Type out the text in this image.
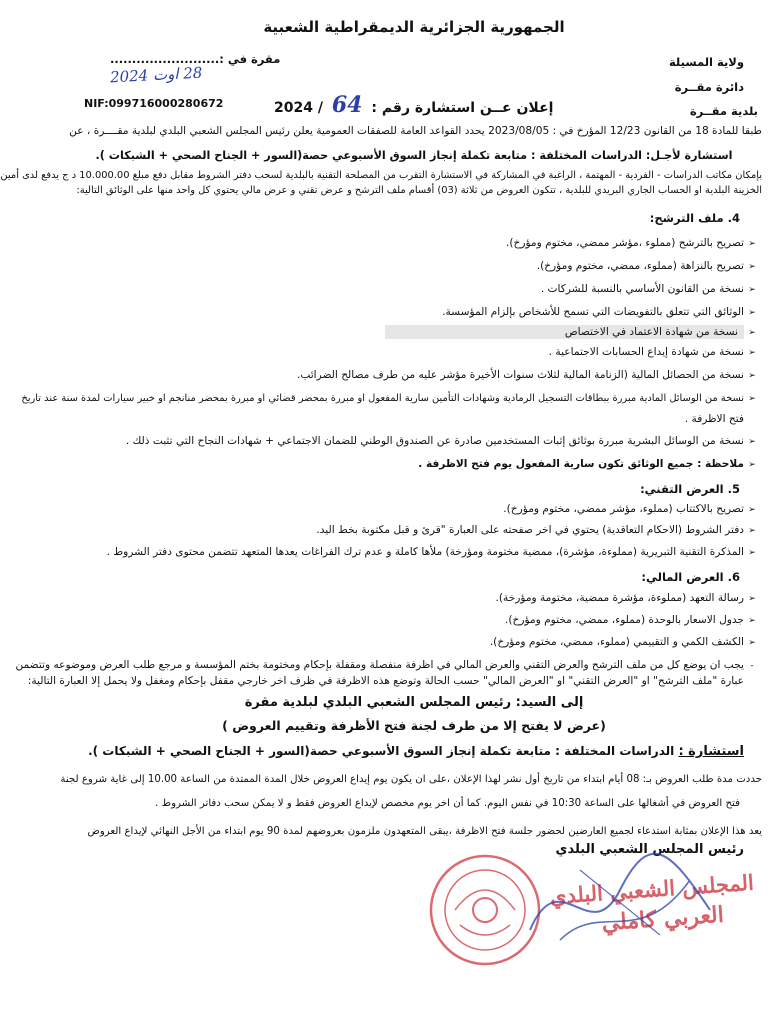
الجمهورية الجزائرية الديمقراطية الشعبية
ولاية المسيلة
دائرة مقــرة
بلدية مقــرة
مقرة في :.........................
28 اوت 2024
NIF:099716000280672	إعلان عــن استشارة رقم : 64 / 2024
طبقا للمادة 18 من القانون 12/23 المؤرخ في : 2023/08/05 يحدد القواعد العامة للصفقات العمومية يعلن رئيس المجلس الشعبي البلدي لبلدية مقــــرة ، عن
استشارة لأجـل: الدراسات المختلفة : متابعة تكملة إنجاز السوق الأسبوعي حصة(السور + الجناح الصحي + الشبكات ).
بإمكان مكاتب الدراسات - الفردية - المهتمة ، الراغبة في المشاركة في الاستشارة التقرب من المصلحة التقنية بالبلدية لسحب دفتر الشروط مقابل دفع مبلغ 10.000.00 د ج يدفع لدى أمين
الخزينة البلدية او الحساب الجاري البريدي للبلدية ، تتكون العروض من ثلاثة (03) أقسام ملف الترشح و عرض تقني و عرض مالي يحتوي كل واحد منها على الوثائق التالية:
4. ملف الترشح:
➢تصريح بالترشح (مملوء ،مؤشر ممضي، مختوم ومؤرخ).
➢تصريح بالنزاهة (مملوء، ممضي، مختوم ومؤرخ).
➢نسخة من القانون الأساسي بالنسبة للشركات .
➢الوثائق التي تتعلق بالتفويضات التي تسمح للأشخاص بإلزام المؤسسة.
➢نسخة من شهادة الاعتماد في الاختصاص
➢نسخة من شهادة إيداع الحسابات الاجتماعية .
➢نسخة من الحصائل المالية (الزنامة المالية لثلاث سنوات الأخيرة مؤشر عليه من طرف مصالح الضرائب.
➢نسخة من الوسائل المادية مبررة ببطاقات التسجيل الرمادية وشهادات التأمين سارية المفعول او مبررة بمحضر قضائي او مبررة بمحضر منانجم او خبير سيارات لمدة سنة عند تاريخ
فتح الاظرفة .
➢نسخة من الوسائل البشرية مبررة بوثائق إثبات المستخدمين صادرة عن الصندوق الوطني للضمان الاجتماعي + شهادات النجاح التي تثبت ذلك .
➢ملاحظة : جميع الوثائق تكون سارية المفعول يوم فتح الاظرفة .
5. العرض التقني:
➢تصريح بالاكتتاب (مملوء، مؤشر ممضي، مختوم ومؤرخ).
➢دفتر الشروط (الاحكام التعاقدية) يحتوي في اخر صفحته على العبارة "قرئ و قبل مكتوبة بخط اليد.
➢المذكرة التقنية التبريرية (مملوءة، مؤشرة)، ممضية مختومة ومؤرخة) ملأها كاملة و عدم ترك الفراغات يعدها المتعهد تتضمن محتوى دفتر الشروط .
6. العرض المالي:
➢رسالة التعهد (مملوءة، مؤشرة ممضية، مختومة ومؤرخة).
➢جدول الاسعار بالوحدة (مملوء، ممضي، مختوم ومؤرخ).
➢الكشف الكمي و التقييمي (مملوء، ممضي، مختوم ومؤرخ).
-يجب ان يوضع كل من ملف الترشح والعرض التقني والعرض المالي في اظرفة منفصلة ومقفلة بإحكام ومختومة بختم المؤسسة و مرجع طلب العرض وموضوعه وتتضمن
عبارة "ملف الترشح" او "العرض التقني" او "العرض المالي" حسب الحالة وتوضع هذه الاظرفة في ظرف اخر خارجي مقفل بإحكام ومغفل ولا يحمل إلا العبارة التالية:
إلى السيد: رئيس المجلس الشعبي البلدي لبلدية مقرة
(عرض لا يفتح إلا من طرف لجنة فتح الأظرفة وتقييم العروض )
استشارة : الدراسات المختلفة : متابعة تكملة إنجاز السوق الأسبوعي حصة(السور + الجناح الصحي + الشبكات ).
حددت مدة طلب العروض بـ: 08 أيام ابتداء من تاريخ أول نشر لهذا الإعلان ،على ان يكون يوم إيداع العروض خلال المدة الممتدة من الساعة 10.00 إلى غاية شروع لجنة
فتح العروض في أشغالها على الساعة 10:30 في نفس اليوم. كما أن اخر يوم مخصص لإيداع العروض فقط و لا يمكن سحب دفاتر الشروط .
يعد هذا الإعلان بمثابة استدعاء لجميع العارضين لحضور جلسة فتح الاظرفة ،يبقى المتعهدون ملزمون بعروضهم لمدة 90 يوم ابتداء من الأجل النهائي لإيداع العروض
رئيس المجلس الشعبي البلدي
المجلس الشعبي البلدي
العربي كاملي
